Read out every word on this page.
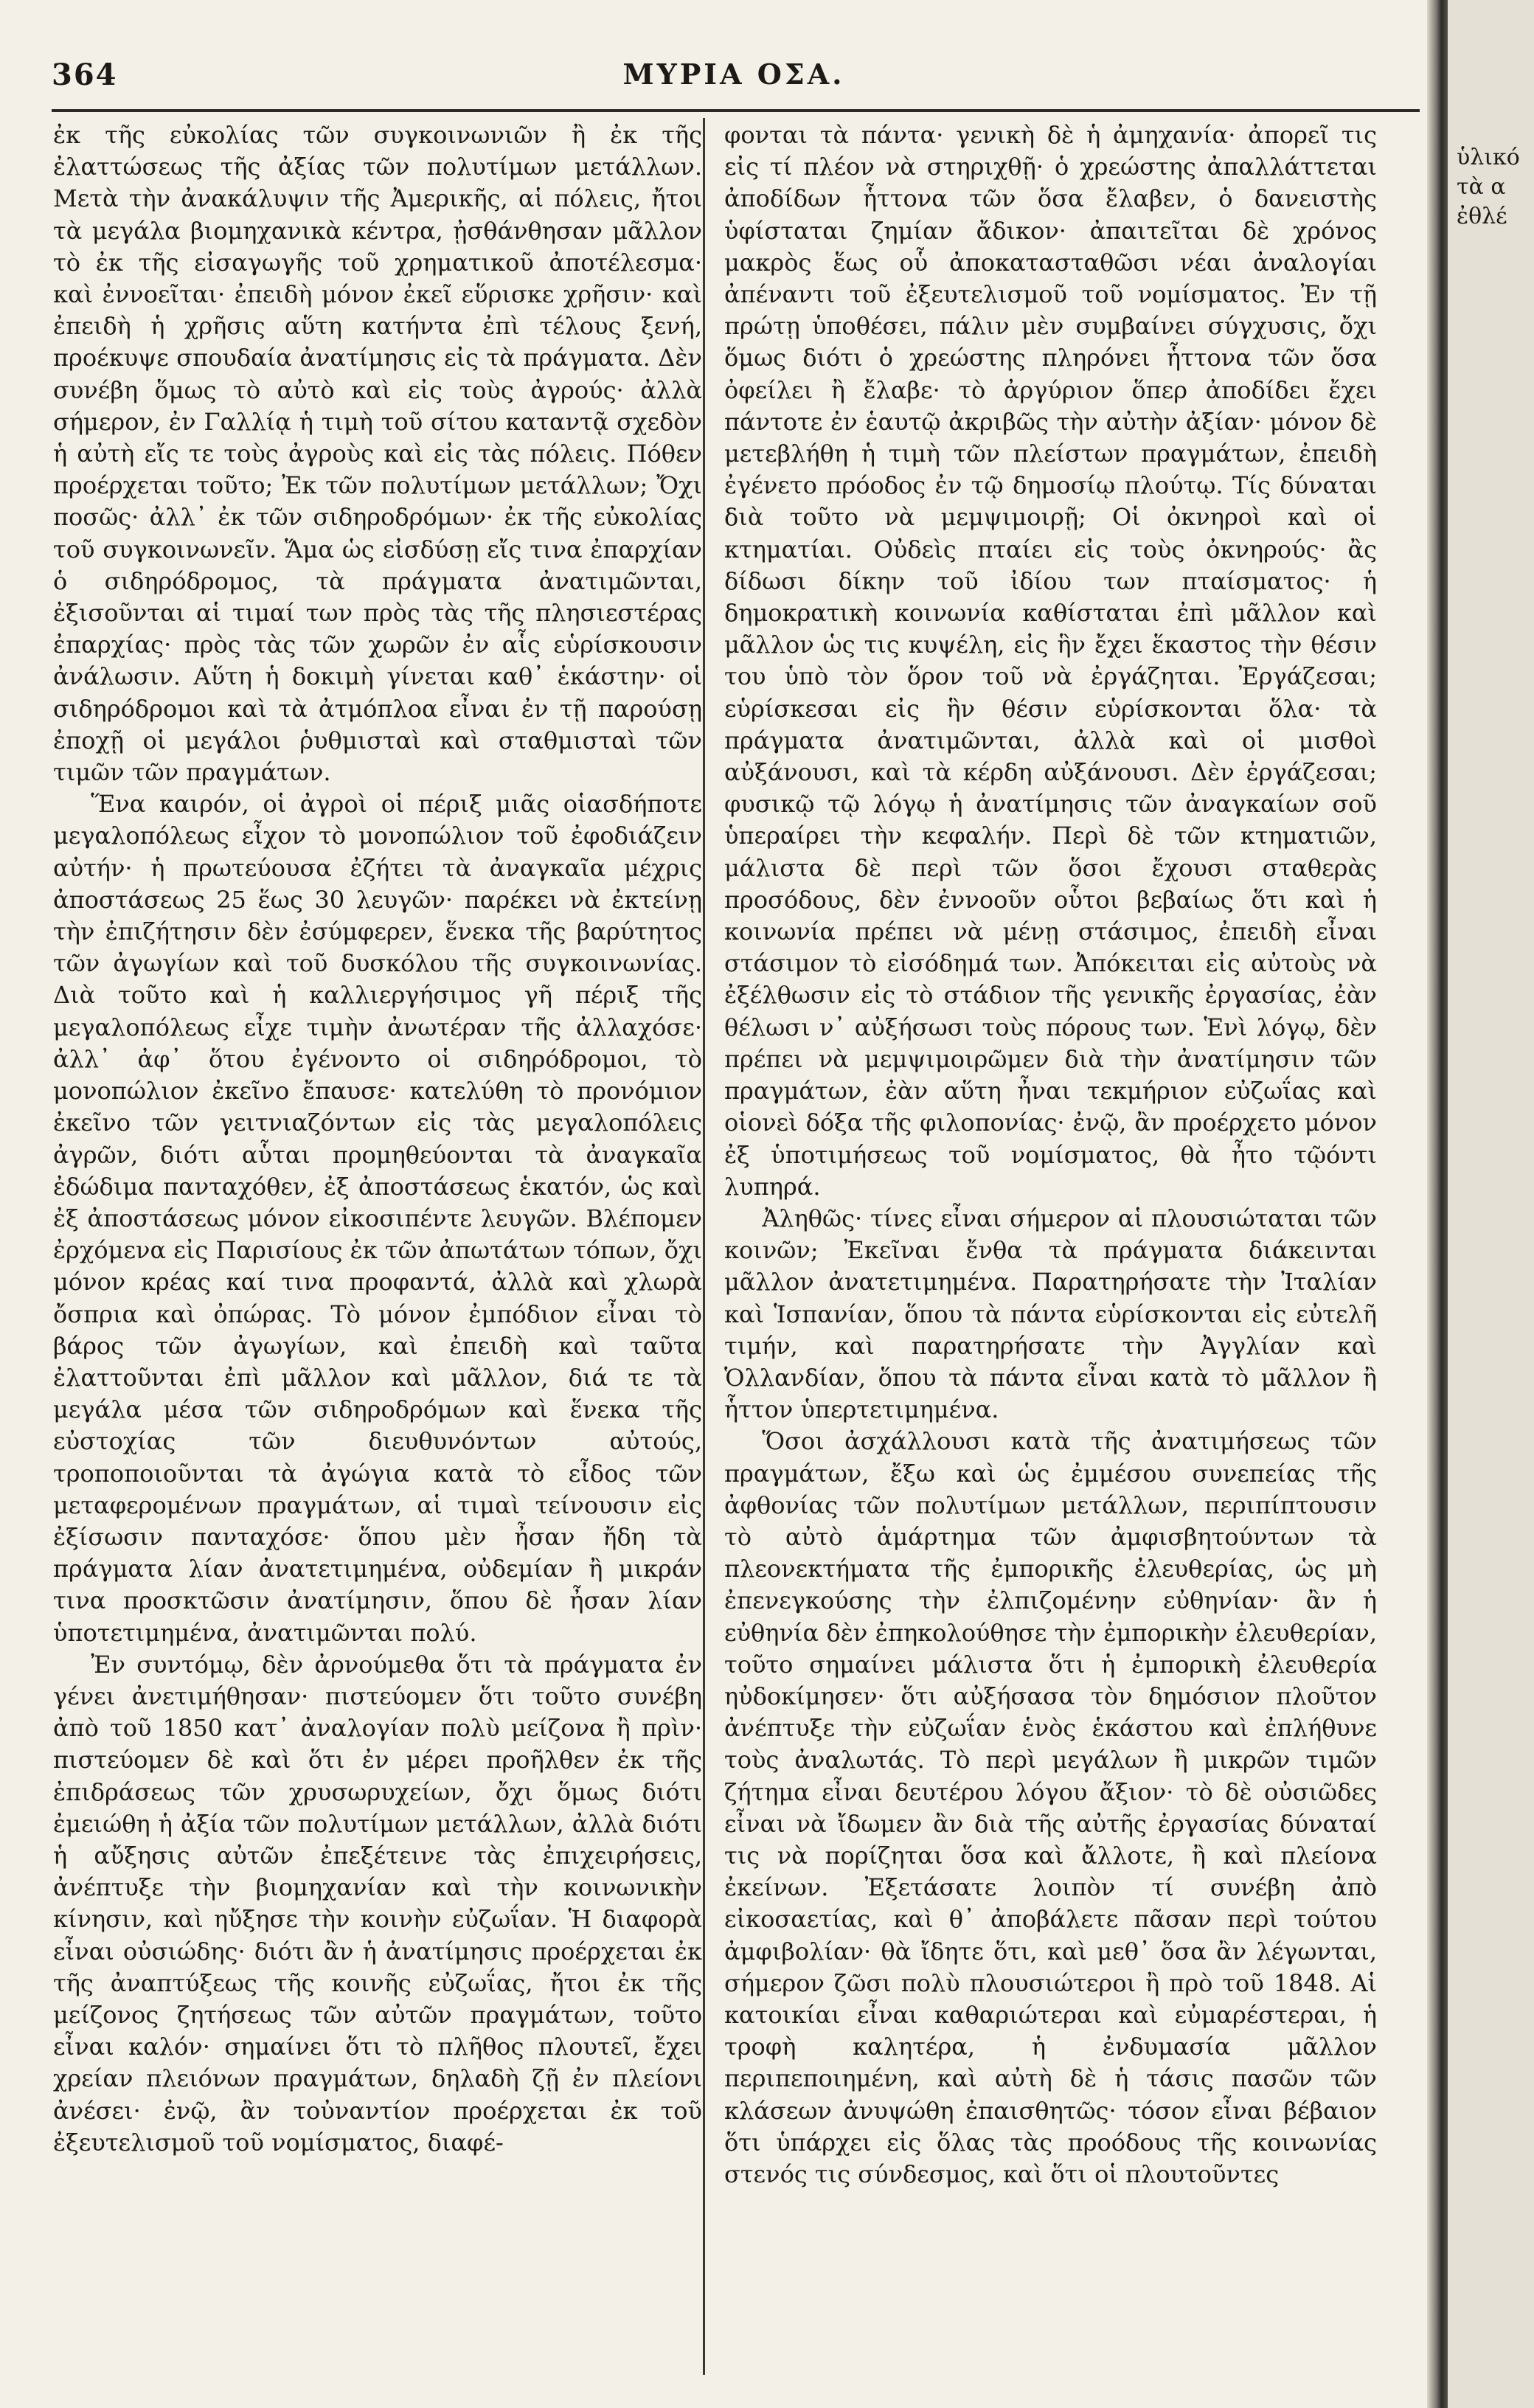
364	ΜΥΡΙΑ ΟΣΑ.

ἐκ τῆς εὐκολίας τῶν συγκοινωνιῶν ἢ ἐκ τῆς ἐλαττώσεως τῆς ἀξίας τῶν πολυτίμων μετάλλων. Μετὰ τὴν ἀνακάλυψιν τῆς Ἀμερικῆς, αἱ πόλεις, ἤτοι τὰ μεγάλα βιομηχανικὰ κέντρα, ᾐσθάνθησαν μᾶλλον τὸ ἐκ τῆς εἰσαγωγῆς τοῦ χρηματικοῦ ἀποτέλεσμα· καὶ ἐννοεῖται· ἐπειδὴ μόνον ἐκεῖ εὕρισκε χρῆσιν· καὶ ἐπειδὴ ἡ χρῆσις αὕτη κατήντα ἐπὶ τέλους ξενή, προέκυψε σπουδαία ἀνατίμησις εἰς τὰ πράγματα. Δὲν συνέβη ὅμως τὸ αὐτὸ καὶ εἰς τοὺς ἀγρούς· ἀλλὰ σήμερον, ἐν Γαλλίᾳ ἡ τιμὴ τοῦ σίτου καταντᾷ σχεδὸν ἡ αὐτὴ εἴς τε τοὺς ἀγροὺς καὶ εἰς τὰς πόλεις. Πόθεν προέρχεται τοῦτο; Ἐκ τῶν πολυτίμων μετάλλων; Ὄχι ποσῶς· ἀλλ᾿ ἐκ τῶν σιδηροδρόμων· ἐκ τῆς εὐκολίας τοῦ συγκοινωνεῖν. Ἅμα ὡς εἰσδύσῃ εἴς τινα ἐπαρχίαν ὁ σιδηρόδρομος, τὰ πράγματα ἀνατιμῶνται, ἐξισοῦνται αἱ τιμαί των πρὸς τὰς τῆς πλησιεστέρας ἐπαρχίας· πρὸς τὰς τῶν χωρῶν ἐν αἷς εὑρίσκουσιν ἀνάλωσιν. Αὕτη ἡ δοκιμὴ γίνεται καθ᾿ ἑκάστην· οἱ σιδηρόδρομοι καὶ τὰ ἀτμόπλοα εἶναι ἐν τῇ παρούσῃ ἐποχῇ οἱ μεγάλοι ῥυθμισταὶ καὶ σταθμισταὶ τῶν τιμῶν τῶν πραγμάτων.

Ἕνα καιρόν, οἱ ἀγροὶ οἱ πέριξ μιᾶς οἱασδήποτε μεγαλοπόλεως εἶχον τὸ μονοπώλιον τοῦ ἐφοδιάζειν αὐτήν· ἡ πρωτεύουσα ἐζήτει τὰ ἀναγκαῖα μέχρις ἀποστάσεως 25 ἕως 30 λευγῶν· παρέκει νὰ ἐκτείνῃ τὴν ἐπιζήτησιν δὲν ἐσύμφερεν, ἕνεκα τῆς βαρύτητος τῶν ἀγωγίων καὶ τοῦ δυσκόλου τῆς συγκοινωνίας. Διὰ τοῦτο καὶ ἡ καλλιεργήσιμος γῆ πέριξ τῆς μεγαλοπόλεως εἶχε τιμὴν ἀνωτέραν τῆς ἀλλαχόσε· ἀλλ᾿ ἀφ᾿ ὅτου ἐγένοντο οἱ σιδηρόδρομοι, τὸ μονοπώλιον ἐκεῖνο ἔπαυσε· κατελύθη τὸ προνόμιον ἐκεῖνο τῶν γειτνιαζόντων εἰς τὰς μεγαλοπόλεις ἀγρῶν, διότι αὗται προμηθεύονται τὰ ἀναγκαῖα ἐδώδιμα πανταχόθεν, ἐξ ἀποστάσεως ἑκατόν, ὡς καὶ ἐξ ἀποστάσεως μόνον εἰκοσιπέντε λευγῶν. Βλέπομεν ἐρχόμενα εἰς Παρισίους ἐκ τῶν ἀπωτάτων τόπων, ὄχι μόνον κρέας καί τινα προφαντά, ἀλλὰ καὶ χλωρὰ ὄσπρια καὶ ὀπώρας. Τὸ μόνον ἐμπόδιον εἶναι τὸ βάρος τῶν ἀγωγίων, καὶ ἐπειδὴ καὶ ταῦτα ἐλαττοῦνται ἐπὶ μᾶλλον καὶ μᾶλλον, διά τε τὰ μεγάλα μέσα τῶν σιδηροδρόμων καὶ ἕνεκα τῆς εὐστοχίας τῶν διευθυνόντων αὐτούς, τροποποιοῦνται τὰ ἀγώγια κατὰ τὸ εἶδος τῶν μεταφερομένων πραγμάτων, αἱ τιμαὶ τείνουσιν εἰς ἐξίσωσιν πανταχόσε· ὅπου μὲν ἦσαν ἤδη τὰ πράγματα λίαν ἀνατετιμημένα, οὐδεμίαν ἢ μικράν τινα προσκτῶσιν ἀνατίμησιν, ὅπου δὲ ἦσαν λίαν ὑποτετιμημένα, ἀνατιμῶνται πολύ.

Ἐν συντόμῳ, δὲν ἀρνούμεθα ὅτι τὰ πράγματα ἐν γένει ἀνετιμήθησαν· πιστεύομεν ὅτι τοῦτο συνέβη ἀπὸ τοῦ 1850 κατ᾿ ἀναλογίαν πολὺ μείζονα ἢ πρὶν· πιστεύομεν δὲ καὶ ὅτι ἐν μέρει προῆλθεν ἐκ τῆς ἐπιδράσεως τῶν χρυσωρυχείων, ὄχι ὅμως διότι ἐμειώθη ἡ ἀξία τῶν πολυτίμων μετάλλων, ἀλλὰ διότι ἡ αὔξησις αὐτῶν ἐπεξέτεινε τὰς ἐπιχειρήσεις, ἀνέπτυξε τὴν βιομηχανίαν καὶ τὴν κοινωνικὴν κίνησιν, καὶ ηὔξησε τὴν κοινὴν εὐζωΐαν. Ἡ διαφορὰ εἶναι οὐσιώδης· διότι ἂν ἡ ἀνατίμησις προέρχεται ἐκ τῆς ἀναπτύξεως τῆς κοινῆς εὐζωΐας, ἤτοι ἐκ τῆς μείζονος ζητήσεως τῶν αὐτῶν πραγμάτων, τοῦτο εἶναι καλόν· σημαίνει ὅτι τὸ πλῆθος πλουτεῖ, ἔχει χρείαν πλειόνων πραγμάτων, δηλαδὴ ζῇ ἐν πλείονι ἀνέσει· ἐνῷ, ἂν τοὐναντίον προέρχεται ἐκ τοῦ ἐξευτελισμοῦ τοῦ νομίσματος, διαφέ-

φονται τὰ πάντα· γενικὴ δὲ ἡ ἀμηχανία· ἀπορεῖ τις εἰς τί πλέον νὰ στηριχθῇ· ὁ χρεώστης ἀπαλλάττεται ἀποδίδων ἧττονα τῶν ὅσα ἔλαβεν, ὁ δανειστὴς ὑφίσταται ζημίαν ἄδικον· ἀπαιτεῖται δὲ χρόνος μακρὸς ἕως οὗ ἀποκατασταθῶσι νέαι ἀναλογίαι ἀπέναντι τοῦ ἐξευτελισμοῦ τοῦ νομίσματος. Ἐν τῇ πρώτῃ ὑποθέσει, πάλιν μὲν συμβαίνει σύγχυσις, ὄχι ὅμως διότι ὁ χρεώστης πληρόνει ἧττονα τῶν ὅσα ὀφείλει ἢ ἔλαβε· τὸ ἀργύριον ὅπερ ἀποδίδει ἔχει πάντοτε ἐν ἑαυτῷ ἀκριβῶς τὴν αὐτὴν ἀξίαν· μόνον δὲ μετεβλήθη ἡ τιμὴ τῶν πλείστων πραγμάτων, ἐπειδὴ ἐγένετο πρόοδος ἐν τῷ δημοσίῳ πλούτῳ. Τίς δύναται διὰ τοῦτο νὰ μεμψιμοιρῇ; Οἱ ὀκνηροὶ καὶ οἱ κτηματίαι. Οὐδεὶς πταίει εἰς τοὺς ὀκνηρούς· ἂς δίδωσι δίκην τοῦ ἰδίου των πταίσματος· ἡ δημοκρατικὴ κοινωνία καθίσταται ἐπὶ μᾶλλον καὶ μᾶλλον ὡς τις κυψέλη, εἰς ἣν ἔχει ἕκαστος τὴν θέσιν του ὑπὸ τὸν ὅρον τοῦ νὰ ἐργάζηται. Ἐργάζεσαι; εὑρίσκεσαι εἰς ἣν θέσιν εὑρίσκονται ὅλα· τὰ πράγματα ἀνατιμῶνται, ἀλλὰ καὶ οἱ μισθοὶ αὐξάνουσι, καὶ τὰ κέρδη αὐξάνουσι. Δὲν ἐργάζεσαι; φυσικῷ τῷ λόγῳ ἡ ἀνατίμησις τῶν ἀναγκαίων σοῦ ὑπεραίρει τὴν κεφαλήν. Περὶ δὲ τῶν κτηματιῶν, μάλιστα δὲ περὶ τῶν ὅσοι ἔχουσι σταθερὰς προσόδους, δὲν ἐννοοῦν οὗτοι βεβαίως ὅτι καὶ ἡ κοινωνία πρέπει νὰ μένῃ στάσιμος, ἐπειδὴ εἶναι στάσιμον τὸ εἰσόδημά των. Ἀπόκειται εἰς αὐτοὺς νὰ ἐξέλθωσιν εἰς τὸ στάδιον τῆς γενικῆς ἐργασίας, ἐὰν θέλωσι ν᾿ αὐξήσωσι τοὺς πόρους των. Ἑνὶ λόγῳ, δὲν πρέπει νὰ μεμψιμοιρῶμεν διὰ τὴν ἀνατίμησιν τῶν πραγμάτων, ἐὰν αὕτη ἦναι τεκμήριον εὐζωΐας καὶ οἱονεὶ δόξα τῆς φιλοπονίας· ἐνῷ, ἂν προέρχετο μόνον ἐξ ὑποτιμήσεως τοῦ νομίσματος, θὰ ἦτο τῷόντι λυπηρά.

Ἀληθῶς· τίνες εἶναι σήμερον αἱ πλουσιώταται τῶν κοινῶν; Ἐκεῖναι ἔνθα τὰ πράγματα διάκεινται μᾶλλον ἀνατετιμημένα. Παρατηρήσατε τὴν Ἰταλίαν καὶ Ἱσπανίαν, ὅπου τὰ πάντα εὑρίσκονται εἰς εὐτελῆ τιμήν, καὶ παρατηρήσατε τὴν Ἀγγλίαν καὶ Ὁλλανδίαν, ὅπου τὰ πάντα εἶναι κατὰ τὸ μᾶλλον ἢ ἧττον ὑπερτετιμημένα.

Ὅσοι ἀσχάλλουσι κατὰ τῆς ἀνατιμήσεως τῶν πραγμάτων, ἔξω καὶ ὡς ἐμμέσου συνεπείας τῆς ἀφθονίας τῶν πολυτίμων μετάλλων, περιπίπτουσιν τὸ αὐτὸ ἁμάρτημα τῶν ἀμφισβητούντων τὰ πλεονεκτήματα τῆς ἐμπορικῆς ἐλευθερίας, ὡς μὴ ἐπενεγκούσης τὴν ἐλπιζομένην εὐθηνίαν· ἂν ἡ εὐθηνία δὲν ἐπηκολούθησε τὴν ἐμπορικὴν ἐλευθερίαν, τοῦτο σημαίνει μάλιστα ὅτι ἡ ἐμπορικὴ ἐλευθερία ηὐδοκίμησεν· ὅτι αὐξήσασα τὸν δημόσιον πλοῦτον ἀνέπτυξε τὴν εὐζωΐαν ἑνὸς ἑκάστου καὶ ἐπλήθυνε τοὺς ἀναλωτάς. Τὸ περὶ μεγάλων ἢ μικρῶν τιμῶν ζήτημα εἶναι δευτέρου λόγου ἄξιον· τὸ δὲ οὐσιῶδες εἶναι νὰ ἴδωμεν ἂν διὰ τῆς αὐτῆς ἐργασίας δύναταί τις νὰ πορίζηται ὅσα καὶ ἄλλοτε, ἢ καὶ πλείονα ἐκείνων. Ἐξετάσατε λοιπὸν τί συνέβη ἀπὸ εἰκοσαετίας, καὶ θ᾿ ἀποβάλετε πᾶσαν περὶ τούτου ἀμφιβολίαν· θὰ ἴδητε ὅτι, καὶ μεθ᾿ ὅσα ἂν λέγωνται, σήμερον ζῶσι πολὺ πλουσιώτεροι ἢ πρὸ τοῦ 1848. Αἱ κατοικίαι εἶναι καθαριώτεραι καὶ εὐμαρέστεραι, ἡ τροφὴ καλητέρα, ἡ ἐνδυμασία μᾶλλον περιπεποιημένη, καὶ αὐτὴ δὲ ἡ τάσις πασῶν τῶν κλάσεων ἀνυψώθη ἐπαισθητῶς· τόσον εἶναι βέβαιον ὅτι ὑπάρχει εἰς ὅλας τὰς προόδους τῆς κοινωνίας στενός τις σύνδεσμος, καὶ ὅτι οἱ πλουτοῦντες

ὑλικό
τὰ α
ἐθλέ
